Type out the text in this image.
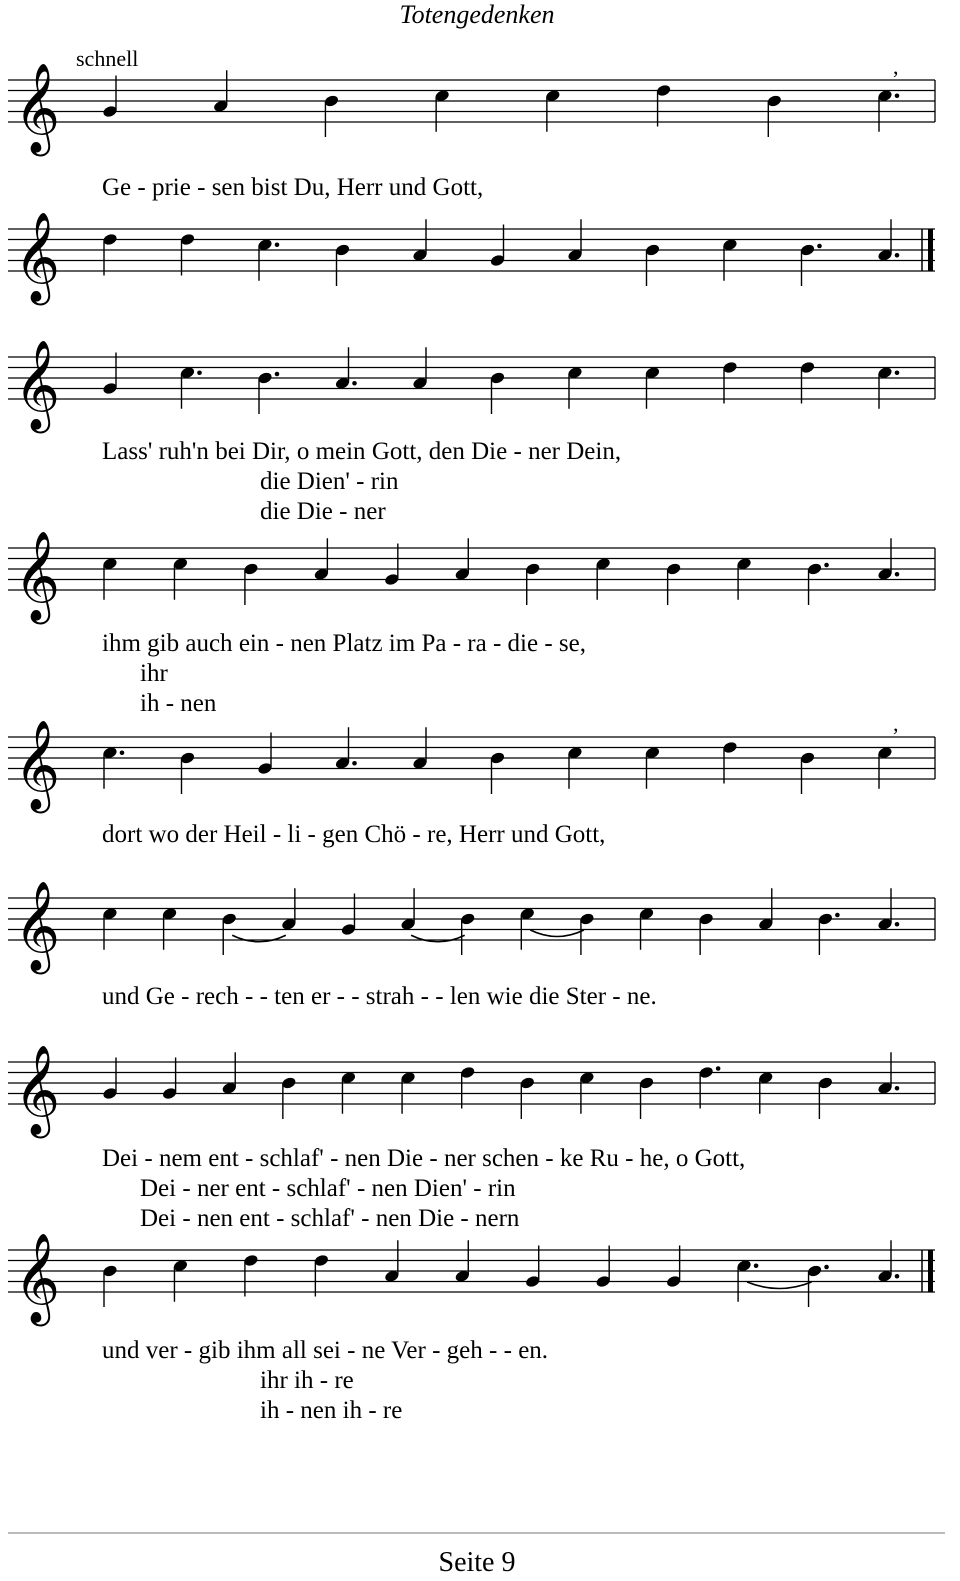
Totengedenken
schnell
𝄞	,
Ge - prie - sen bist Du, Herr und Gott,
𝄞
𝄞
Lass' ruh'n bei Dir, o mein Gott, den Die - ner Dein,
die Dien' - rin
die Die - ner
𝄞
ihm gib auch ein - nen Platz im Pa - ra - die - se,
ihr
ih - nen
𝄞	,
dort wo der Heil - li - gen Chö - re, Herr und Gott,
𝄞
und Ge - rech - - ten er - - strah - - len wie die Ster - ne.
𝄞
Dei - nem ent - schlaf' - nen Die - ner schen - ke Ru - he, o Gott,
Dei - ner ent - schlaf' - nen Dien' - rin
Dei - nen ent - schlaf' - nen Die - nern
𝄞
und ver - gib ihm all sei - ne Ver - geh - - en.
ihr ih - re
ih - nen ih - re
Seite 9
